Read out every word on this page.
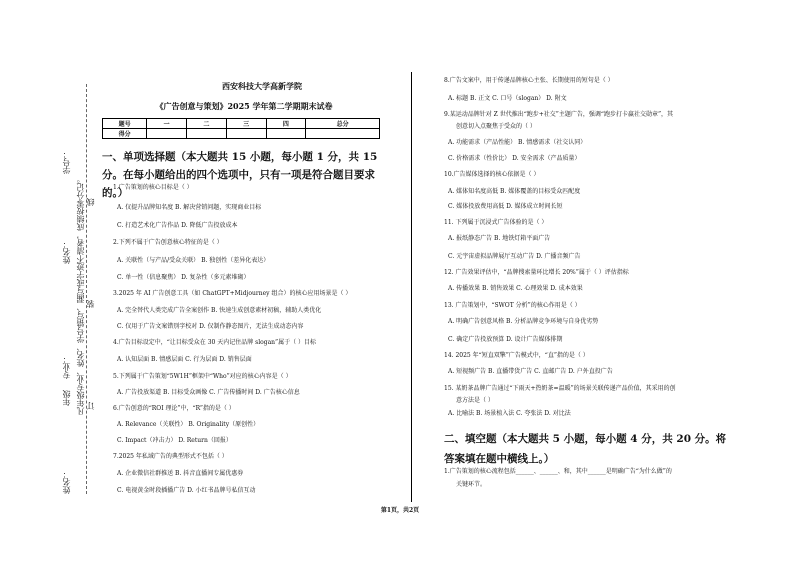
学号：
姓名：
专业：
年级
姓名：
凡年级专业、姓名、学号错写、漏写或字迹不清者，成绩按零分记。 线
装
订
西安科技大学高新学院
《广告创意与策划》2025 学年第二学期期末试卷
题号	一	二	三	四	总分
得分					
一、单项选择题（本大题共 15 小题，每小题 1 分，共 15 分。在每小题给出的四个选项中，只有一项是符合题目要求的。）
1.广告策划的核心目标是（ ）
A. 仅提升品牌知名度 B. 解决营销问题，实现商业目标
C. 打造艺术化广告作品 D. 降低广告投放成本
2.下列不属于广告创意核心特征的是（ ）
A. 关联性（与产品/受众关联） B. 独创性（差异化表达）
C. 单一性（信息聚焦） D. 复杂性（多元素堆砌）
3.2025 年 AI 广告创意工具（如 ChatGPT+Midjourney 组合）的核心应用场景是（ ）
A. 完全替代人类完成广告全案创作 B. 快速生成创意素材初稿，辅助人类优化
C. 仅用于广告文案错别字校对 D. 仅制作静态图片，无法生成动态内容
4.广告目标设定中，“让目标受众在 30 天内记住品牌 slogan”属于（ ）目标
A. 认知层面 B. 情感层面 C. 行为层面 D. 销售层面
5.下列属于广告策划“5W1H”框架中“Who”对应的核心内容是（ ）
A. 广告投放渠道 B. 目标受众画像 C. 广告传播时间 D. 广告核心信息
6.广告创意的“ROI 理论”中，“R”指的是（ ）
A. Relevance（关联性） B. Originality（原创性）
C. Impact（冲击力） D. Return（回报）
7.2025 年私域广告的典型形式不包括（ ）
A. 企业微信社群推送 B. 抖音直播间专属优惠券
C. 电视黄金时段插播广告 D. 小红书品牌号私信互动
8.广告文案中，用于传递品牌核心主张、长期使用的短句是（ ）
A. 标题 B. 正文 C. 口号（slogan） D. 附文
9.某运动品牌针对 Z 世代推出“跑步+社交”主题广告，强调“跑步打卡赢社交勋章”，其
创意切入点聚焦于受众的（ ）
A. 功能需求（产品性能） B. 情感需求（社交认同）
C. 价格需求（性价比） D. 安全需求（产品质量）
10.广告媒体选择的核心依据是（ ）
A. 媒体知名度高低 B. 媒体覆盖的目标受众匹配度
C. 媒体投放费用高低 D. 媒体成立时间长短
11. 下列属于沉浸式广告体验的是（ ）
A. 报纸静态广告 B. 地铁灯箱平面广告
C. 元宇宙虚拟品牌展厅互动广告 D. 广播音频广告
12. 广告效果评估中，“品牌搜索量环比增长 20%”属于（ ）评估指标
A. 传播效果 B. 销售效果 C. 心理效果 D. 成本效果
13. 广告策划中，“SWOT 分析”的核心作用是（ ）
A. 明确广告创意风格 B. 分析品牌竞争环境与自身优劣势
C. 确定广告投放预算 D. 设计广告媒体排期
14. 2025 年“短直双擎”广告模式中，“直”指的是（ ）
A. 短视频广告 B. 直播带货广告 C. 直邮广告 D. 户外直投广告
15. 某奶茶品牌广告通过“下雨天+热奶茶=温暖”的场景关联传递产品价值，其采用的创
意方法是（ ）
A. 比喻法 B. 场景植入法 C. 夸张法 D. 对比法
二、填空题（本大题共 5 小题，每小题 4 分，共 20 分。将答案填在题中横线上。）
1.广告策划的核心流程包括______、______、和，其中______是明确广告“为什么做”的
关键环节。
第1页，共2页
